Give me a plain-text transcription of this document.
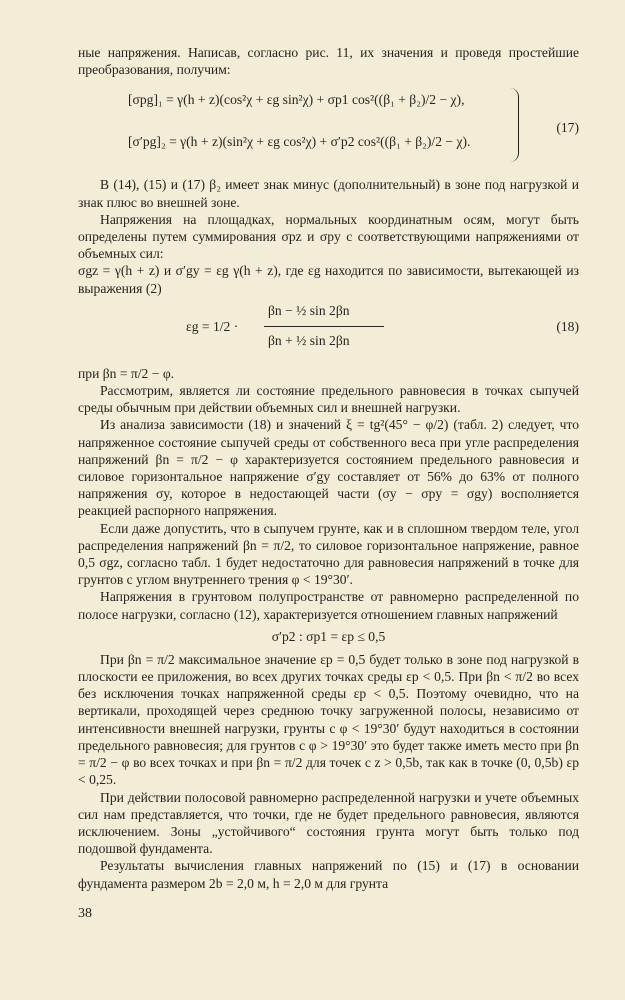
ные напряжения. Написав, согласно рис. 11, их значения и проведя простейшие преобразования, получим:

[σpg]₁ = γ(h + z)(cos²χ + εg sin²χ) + σp1 cos²((β₁ + β₂)/2 − χ),
[σ′pg]₂ = γ(h + z)(sin²χ + εg cos²χ) + σ′p2 cos²((β₁ + β₂)/2 − χ).
(17)

В (14), (15) и (17) β₂ имеет знак минус (дополнительный) в зоне под нагрузкой и знак плюс во внешней зоне.

Напряжения на площадках, нормальных координатным осям, могут быть определены путем суммирования σpz и σpy с соответствующими напряжениями от объемных сил:

σgz = γ(h + z) и σ′gy = εg γ(h + z), где εg находится по зависимости, вытекающей из выражения (2)

εg = 1/2 ·
βn − ½ sin 2βn
βn + ½ sin 2βn
(18)

при βn = π/2 − φ.

Рассмотрим, является ли состояние предельного равновесия в точках сыпучей среды обычным при действии объемных сил и внешней нагрузки.

Из анализа зависимости (18) и значений ξ = tg²(45° − φ/2) (табл. 2) следует, что напряженное состояние сыпучей среды от собственного веса при угле распределения напряжений βn = π/2 − φ характеризуется состоянием предельного равновесия и силовое горизонтальное напряжение σ′gy составляет от 56% до 63% от полного напряжения σy, которое в недостающей части (σy − σpy = σgy) восполняется реакцией распорного напряжения.

Если даже допустить, что в сыпучем грунте, как и в сплошном твердом теле, угол распределения напряжений βn = π/2, то силовое горизонтальное напряжение, равное 0,5 σgz, согласно табл. 1 будет недостаточно для равновесия напряжений в точке для грунтов с углом внутреннего трения φ < 19°30′.

Напряжения в грунтовом полупространстве от равномерно распределенной по полосе нагрузки, согласно (12), характеризуется отношением главных напряжений

σ′p2 : σp1 = εp ≤ 0,5

При βn = π/2 максимальное значение εp = 0,5 будет только в зоне под нагрузкой в плоскости ее приложения, во всех других точках среды εp < 0,5. При βn < π/2 во всех без исключения точках напряженной среды εp < 0,5. Поэтому очевидно, что на вертикали, проходящей через среднюю точку загруженной полосы, независимо от интенсивности внешней нагрузки, грунты с φ < 19°30′ будут находиться в состоянии предельного равновесия; для грунтов с φ > 19°30′ это будет также иметь место при βn = π/2 − φ во всех точках и при βn = π/2 для точек с z > 0,5b, так как в точке (0, 0,5b) εp < 0,25.

При действии полосовой равномерно распределенной нагрузки и учете объемных сил нам представляется, что точки, где не будет предельного равновесия, являются исключением. Зоны „устойчивого“ состояния грунта могут быть только под подошвой фундамента.

Результаты вычисления главных напряжений по (15) и (17) в основании фундамента размером 2b = 2,0 м, h = 2,0 м для грунта

38
